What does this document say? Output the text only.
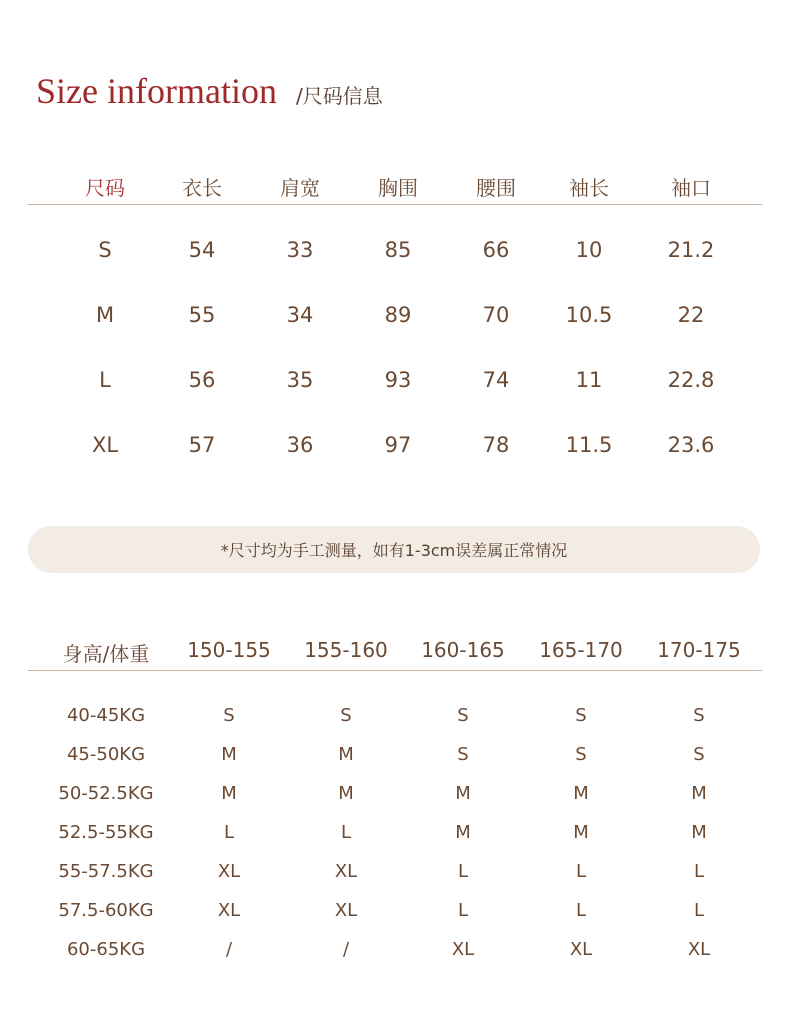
Size information /尺码信息
尺码	衣长	肩宽	胸围	腰围	袖长	袖口
S	54	33	85	66	10	21.2
M	55	34	89	70	10.5	22
L	56	35	93	74	11	22.8
XL	57	36	97	78	11.5	23.6
*尺寸均为手工测量，如有1-3cm误差属正常情况
身高/体重 150-155 155-160 160-165 165-170 170-175
40-45KG	S	S	S	S	S
45-50KG	M	M	S	S	S
50-52.5KG	M	M	M	M	M
52.5-55KG	L	L	M	M	M
55-57.5KG	XL	XL	L	L	L
57.5-60KG	XL	XL	L	L	L
60-65KG	/	/	XL	XL	XL
